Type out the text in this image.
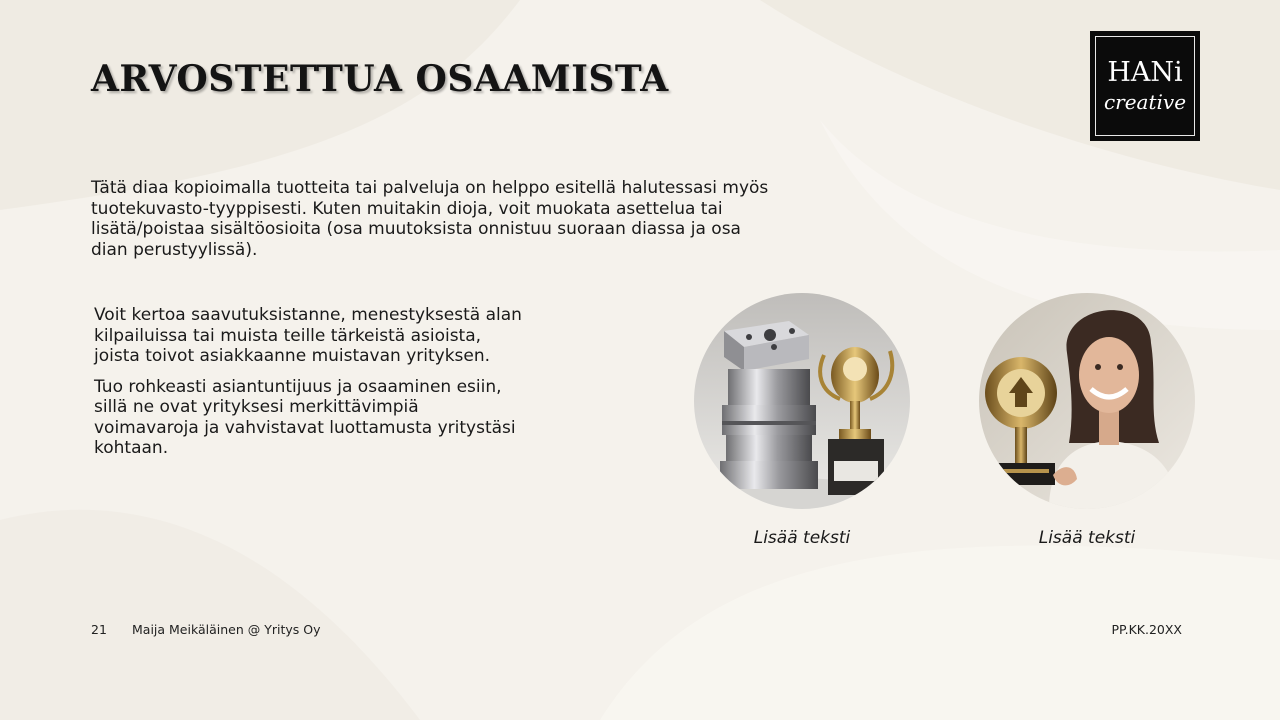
ARVOSTETTUA OSAAMISTA	HANi
creative

Tätä diaa kopioimalla tuotteita tai palveluja on helppo esitellä halutessasi myös tuotekuvasto-tyyppisesti. Kuten muitakin dioja, voit muokata asettelua tai lisätä/poistaa sisältöosioita (osa muutoksista onnistuu suoraan diassa ja osa dian perustyylissä).

Voit kertoa saavutuksistanne, menestyksestä alan kilpailuissa tai muista teille tärkeistä asioista, joista toivot asiakkaanne muistavan yrityksen.

Tuo rohkeasti asiantuntijuus ja osaaminen esiin, sillä ne ovat yrityksesi merkittävimpiä voimavaroja ja vahvistavat luottamusta yritystäsi kohtaan.

Lisää teksti	Lisää teksti
21 Maija Meikäläinen @ Yritys Oy	PP.KK.20XX
